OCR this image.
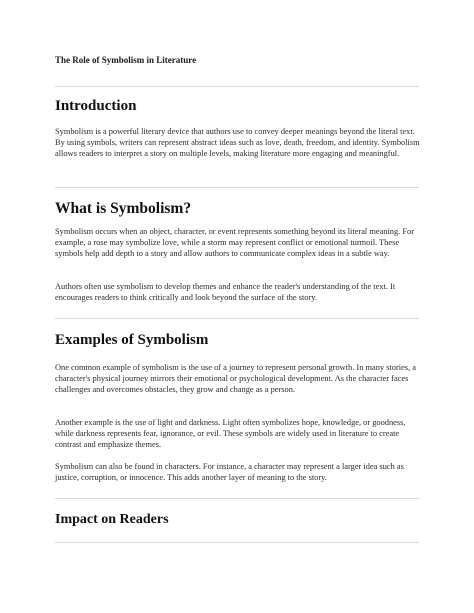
The Role of Symbolism in Literature
Introduction

Symbolism is a powerful literary device that authors use to convey deeper meanings beyond the literal text. By using symbols, writers can represent abstract ideas such as love, death, freedom, and identity. Symbolism allows readers to interpret a story on multiple levels, making literature more engaging and meaningful.

What is Symbolism?

Symbolism occurs when an object, character, or event represents something beyond its literal meaning. For example, a rose may symbolize love, while a storm may represent conflict or emotional turmoil. These symbols help add depth to a story and allow authors to communicate complex ideas in a subtle way.

Authors often use symbolism to develop themes and enhance the reader's understanding of the text. It encourages readers to think critically and look beyond the surface of the story.

Examples of Symbolism

One common example of symbolism is the use of a journey to represent personal growth. In many stories, a character's physical journey mirrors their emotional or psychological development. As the character faces challenges and overcomes obstacles, they grow and change as a person.

Another example is the use of light and darkness. Light often symbolizes hope, knowledge, or goodness, while darkness represents fear, ignorance, or evil. These symbols are widely used in literature to create contrast and emphasize themes.

Symbolism can also be found in characters. For instance, a character may represent a larger idea such as justice, corruption, or innocence. This adds another layer of meaning to the story.

Impact on Readers
